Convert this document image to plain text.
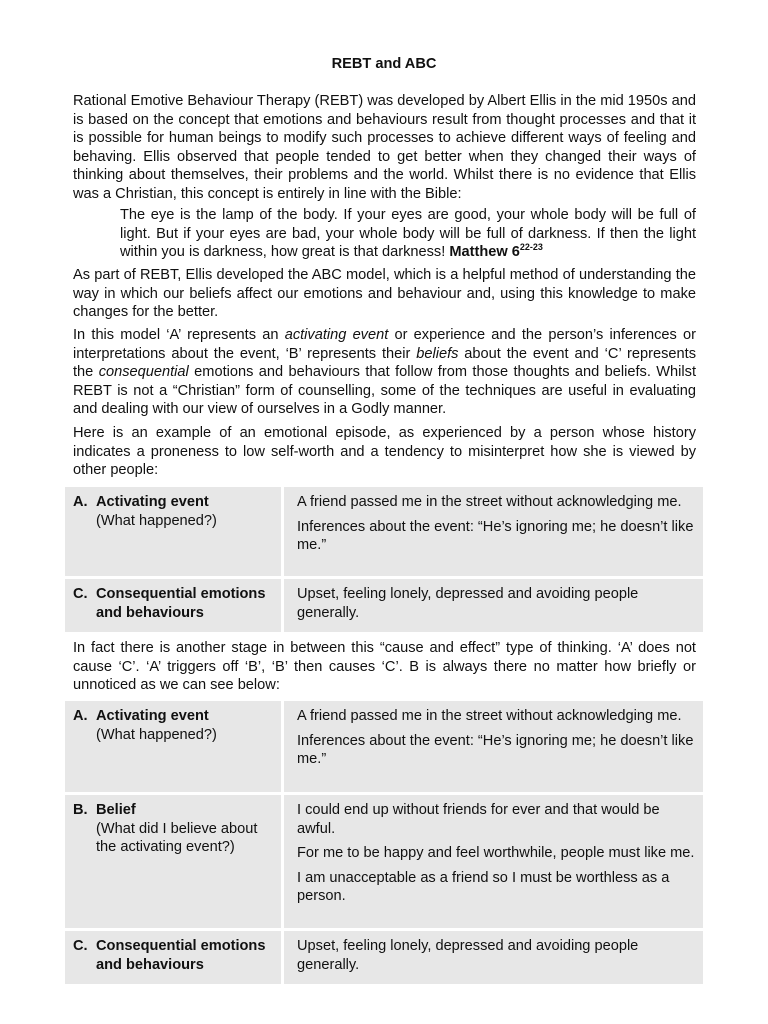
REBT and ABC

Rational Emotive Behaviour Therapy (REBT) was developed by Albert Ellis in the mid 1950s and is based on the concept that emotions and behaviours result from thought processes and that it is possible for human beings to modify such processes to achieve different ways of feeling and behaving. Ellis observed that people tended to get better when they changed their ways of thinking about themselves, their problems and the world. Whilst there is no evidence that Ellis was a Christian, this concept is entirely in line with the Bible:

The eye is the lamp of the body. If your eyes are good, your whole body will be full of light. But if your eyes are bad, your whole body will be full of darkness. If then the light within you is darkness, how great is that darkness! Matthew 6$^{22-23}$

As part of REBT, Ellis developed the ABC model, which is a helpful method of understanding the way in which our beliefs affect our emotions and behaviour and, using this knowledge to make changes for the better.

In this model ‘A’ represents an activating event or experience and the person’s inferences or interpretations about the event, ‘B’ represents their beliefs about the event and ‘C’ represents the consequential emotions and behaviours that follow from those thoughts and beliefs. Whilst REBT is not a “Christian” form of counselling, some of the techniques are useful in evaluating and dealing with our view of ourselves in a Godly manner.

Here is an example of an emotional episode, as experienced by a person whose history indicates a proneness to low self-worth and a tendency to misinterpret how she is viewed by other people:

A. Activating event
(What happened?)

A friend passed me in the street without acknowledging me.

Inferences about the event: “He’s ignoring me; he doesn’t like me.”

C. Consequential emotions and behaviours

Upset, feeling lonely, depressed and avoiding people generally.

In fact there is another stage in between this “cause and effect” type of thinking. ‘A’ does not cause ‘C’. ‘A’ triggers off ‘B’, ‘B’ then causes ‘C’. B is always there no matter how briefly or unnoticed as we can see below:

A. Activating event
(What happened?)

A friend passed me in the street without acknowledging me.

Inferences about the event: “He’s ignoring me; he doesn’t like me.”

B. Belief
(What did I believe about the activating event?)

I could end up without friends for ever and that would be awful.

For me to be happy and feel worthwhile, people must like me.

I am unacceptable as a friend so I must be worthless as a person.

C. Consequential emotions and behaviours

Upset, feeling lonely, depressed and avoiding people generally.
